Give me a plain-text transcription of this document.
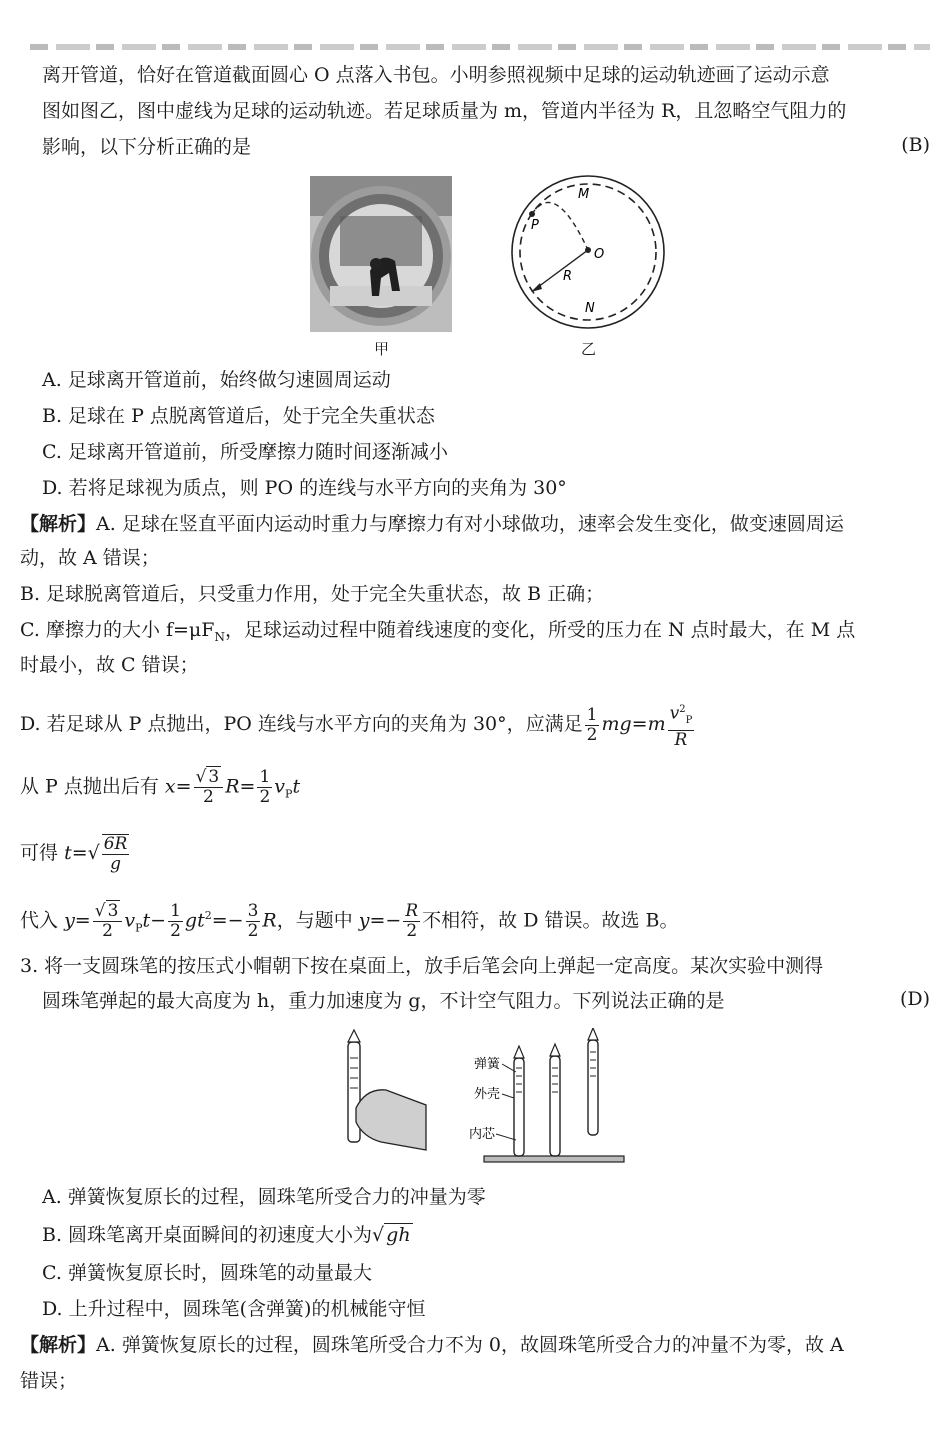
离开管道，恰好在管道截面圆心 O 点落入书包。小明参照视频中足球的运动轨迹画了运动示意
图如图乙，图中虚线为足球的运动轨迹。若足球质量为 m，管道内半径为 R，且忽略空气阻力的
影响，以下分析正确的是	(B)
甲
M
P
O
R
N
乙
A. 足球离开管道前，始终做匀速圆周运动
B. 足球在 P 点脱离管道后，处于完全失重状态
C. 足球离开管道前，所受摩擦力随时间逐渐减小
D. 若将足球视为质点，则 PO 的连线与水平方向的夹角为 30°
【解析】A. 足球在竖直平面内运动时重力与摩擦力有对小球做功，速率会发生变化，做变速圆周运
动，故 A 错误；
B. 足球脱离管道后，只受重力作用，处于完全失重状态，故 B 正确；
C. 摩擦力的大小 $f=\mu F_N$，足球运动过程中随着线速度的变化，所受的压力在 N 点时最大，在 M 点
时最小，故 C 错误；
D. 若足球从 P 点抛出，PO 连线与水平方向的夹角为 30°，应满足 $\frac{1}{2} mg=m \frac{v^2_P}{R}$
从 P 点抛出后有 $x= \frac{√ 3}{2} R= \frac{1}{2} v_Pt$
可得 $t=√ \frac{6R}{g}$
代入 $y= \frac{√ 3}{2} v_Pt- \frac{1}{2} gt^2=- \frac{3}{2}$ R，与题中 $y=- \frac{R}{2}$ 不相符，故 D 错误。故选 B。
3. 将一支圆珠笔的按压式小帽朝下按在桌面上，放手后笔会向上弹起一定高度。某次实验中测得
圆珠笔弹起的最大高度为 h，重力加速度为 g，不计空气阻力。下列说法正确的是	(D)
弹簧
外壳
内芯
A. 弹簧恢复原长的过程，圆珠笔所受合力的冲量为零
B. 圆珠笔离开桌面瞬间的初速度大小为√ gh
C. 弹簧恢复原长时，圆珠笔的动量最大
D. 上升过程中，圆珠笔(含弹簧)的机械能守恒
【解析】A. 弹簧恢复原长的过程，圆珠笔所受合力不为 0，故圆珠笔所受合力的冲量不为零，故 A
错误；
